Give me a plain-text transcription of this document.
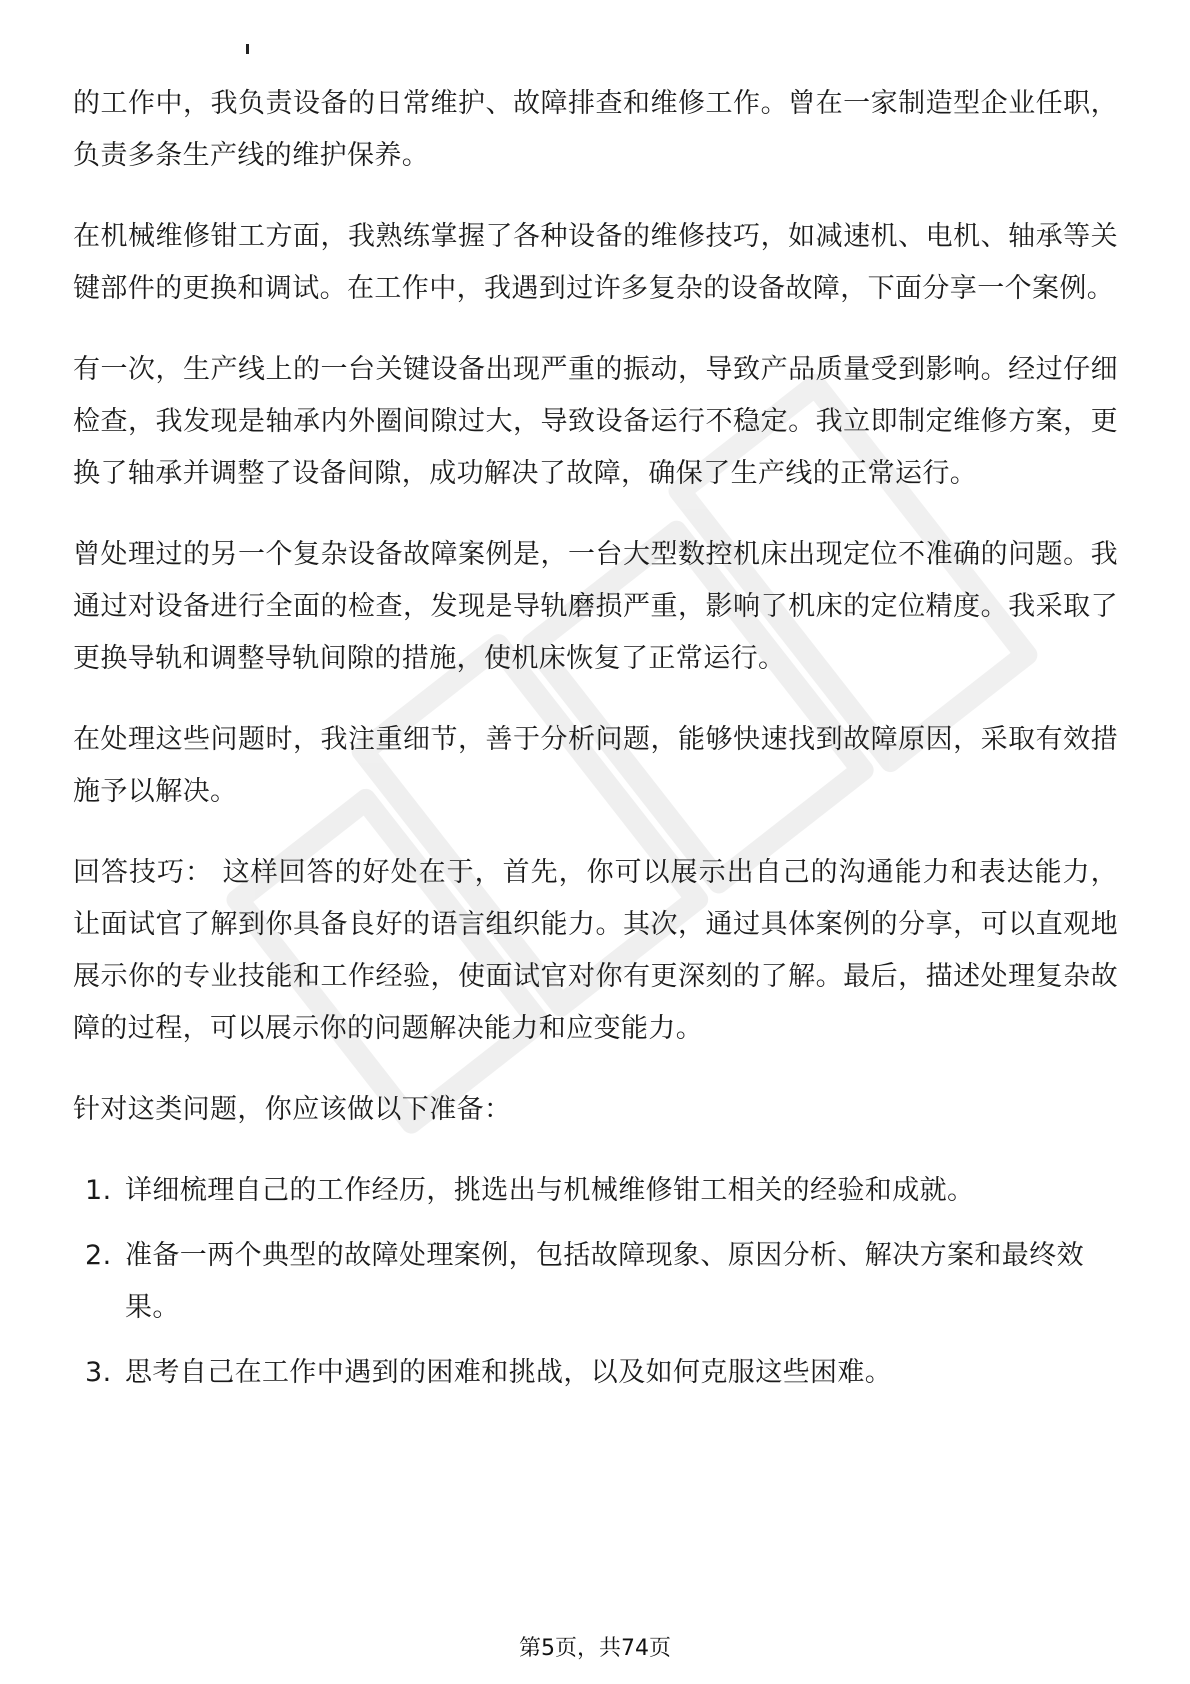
的工作中，我负责设备的日常维护、故障排查和维修工作。曾在一家制造型企业任职，负责多条生产线的维护保养。

在机械维修钳工方面，我熟练掌握了各种设备的维修技巧，如减速机、电机、轴承等关键部件的更换和调试。在工作中，我遇到过许多复杂的设备故障，下面分享一个案例。

有一次，生产线上的一台关键设备出现严重的振动，导致产品质量受到影响。经过仔细检查，我发现是轴承内外圈间隙过大，导致设备运行不稳定。我立即制定维修方案，更换了轴承并调整了设备间隙，成功解决了故障，确保了生产线的正常运行。

曾处理过的另一个复杂设备故障案例是，一台大型数控机床出现定位不准确的问题。我通过对设备进行全面的检查，发现是导轨磨损严重，影响了机床的定位精度。我采取了更换导轨和调整导轨间隙的措施，使机床恢复了正常运行。

在处理这些问题时，我注重细节，善于分析问题，能够快速找到故障原因，采取有效措施予以解决。

回答技巧： 这样回答的好处在于，首先，你可以展示出自己的沟通能力和表达能力，让面试官了解到你具备良好的语言组织能力。其次，通过具体案例的分享，可以直观地展示你的专业技能和工作经验，使面试官对你有更深刻的了解。最后，描述处理复杂故障的过程，可以展示你的问题解决能力和应变能力。

针对这类问题，你应该做以下准备：

1. 详细梳理自己的工作经历，挑选出与机械维修钳工相关的经验和成就。
2. 准备一两个典型的故障处理案例，包括故障现象、原因分析、解决方案和最终效果。
3. 思考自己在工作中遇到的困难和挑战，以及如何克服这些困难。
第5页，共74页
